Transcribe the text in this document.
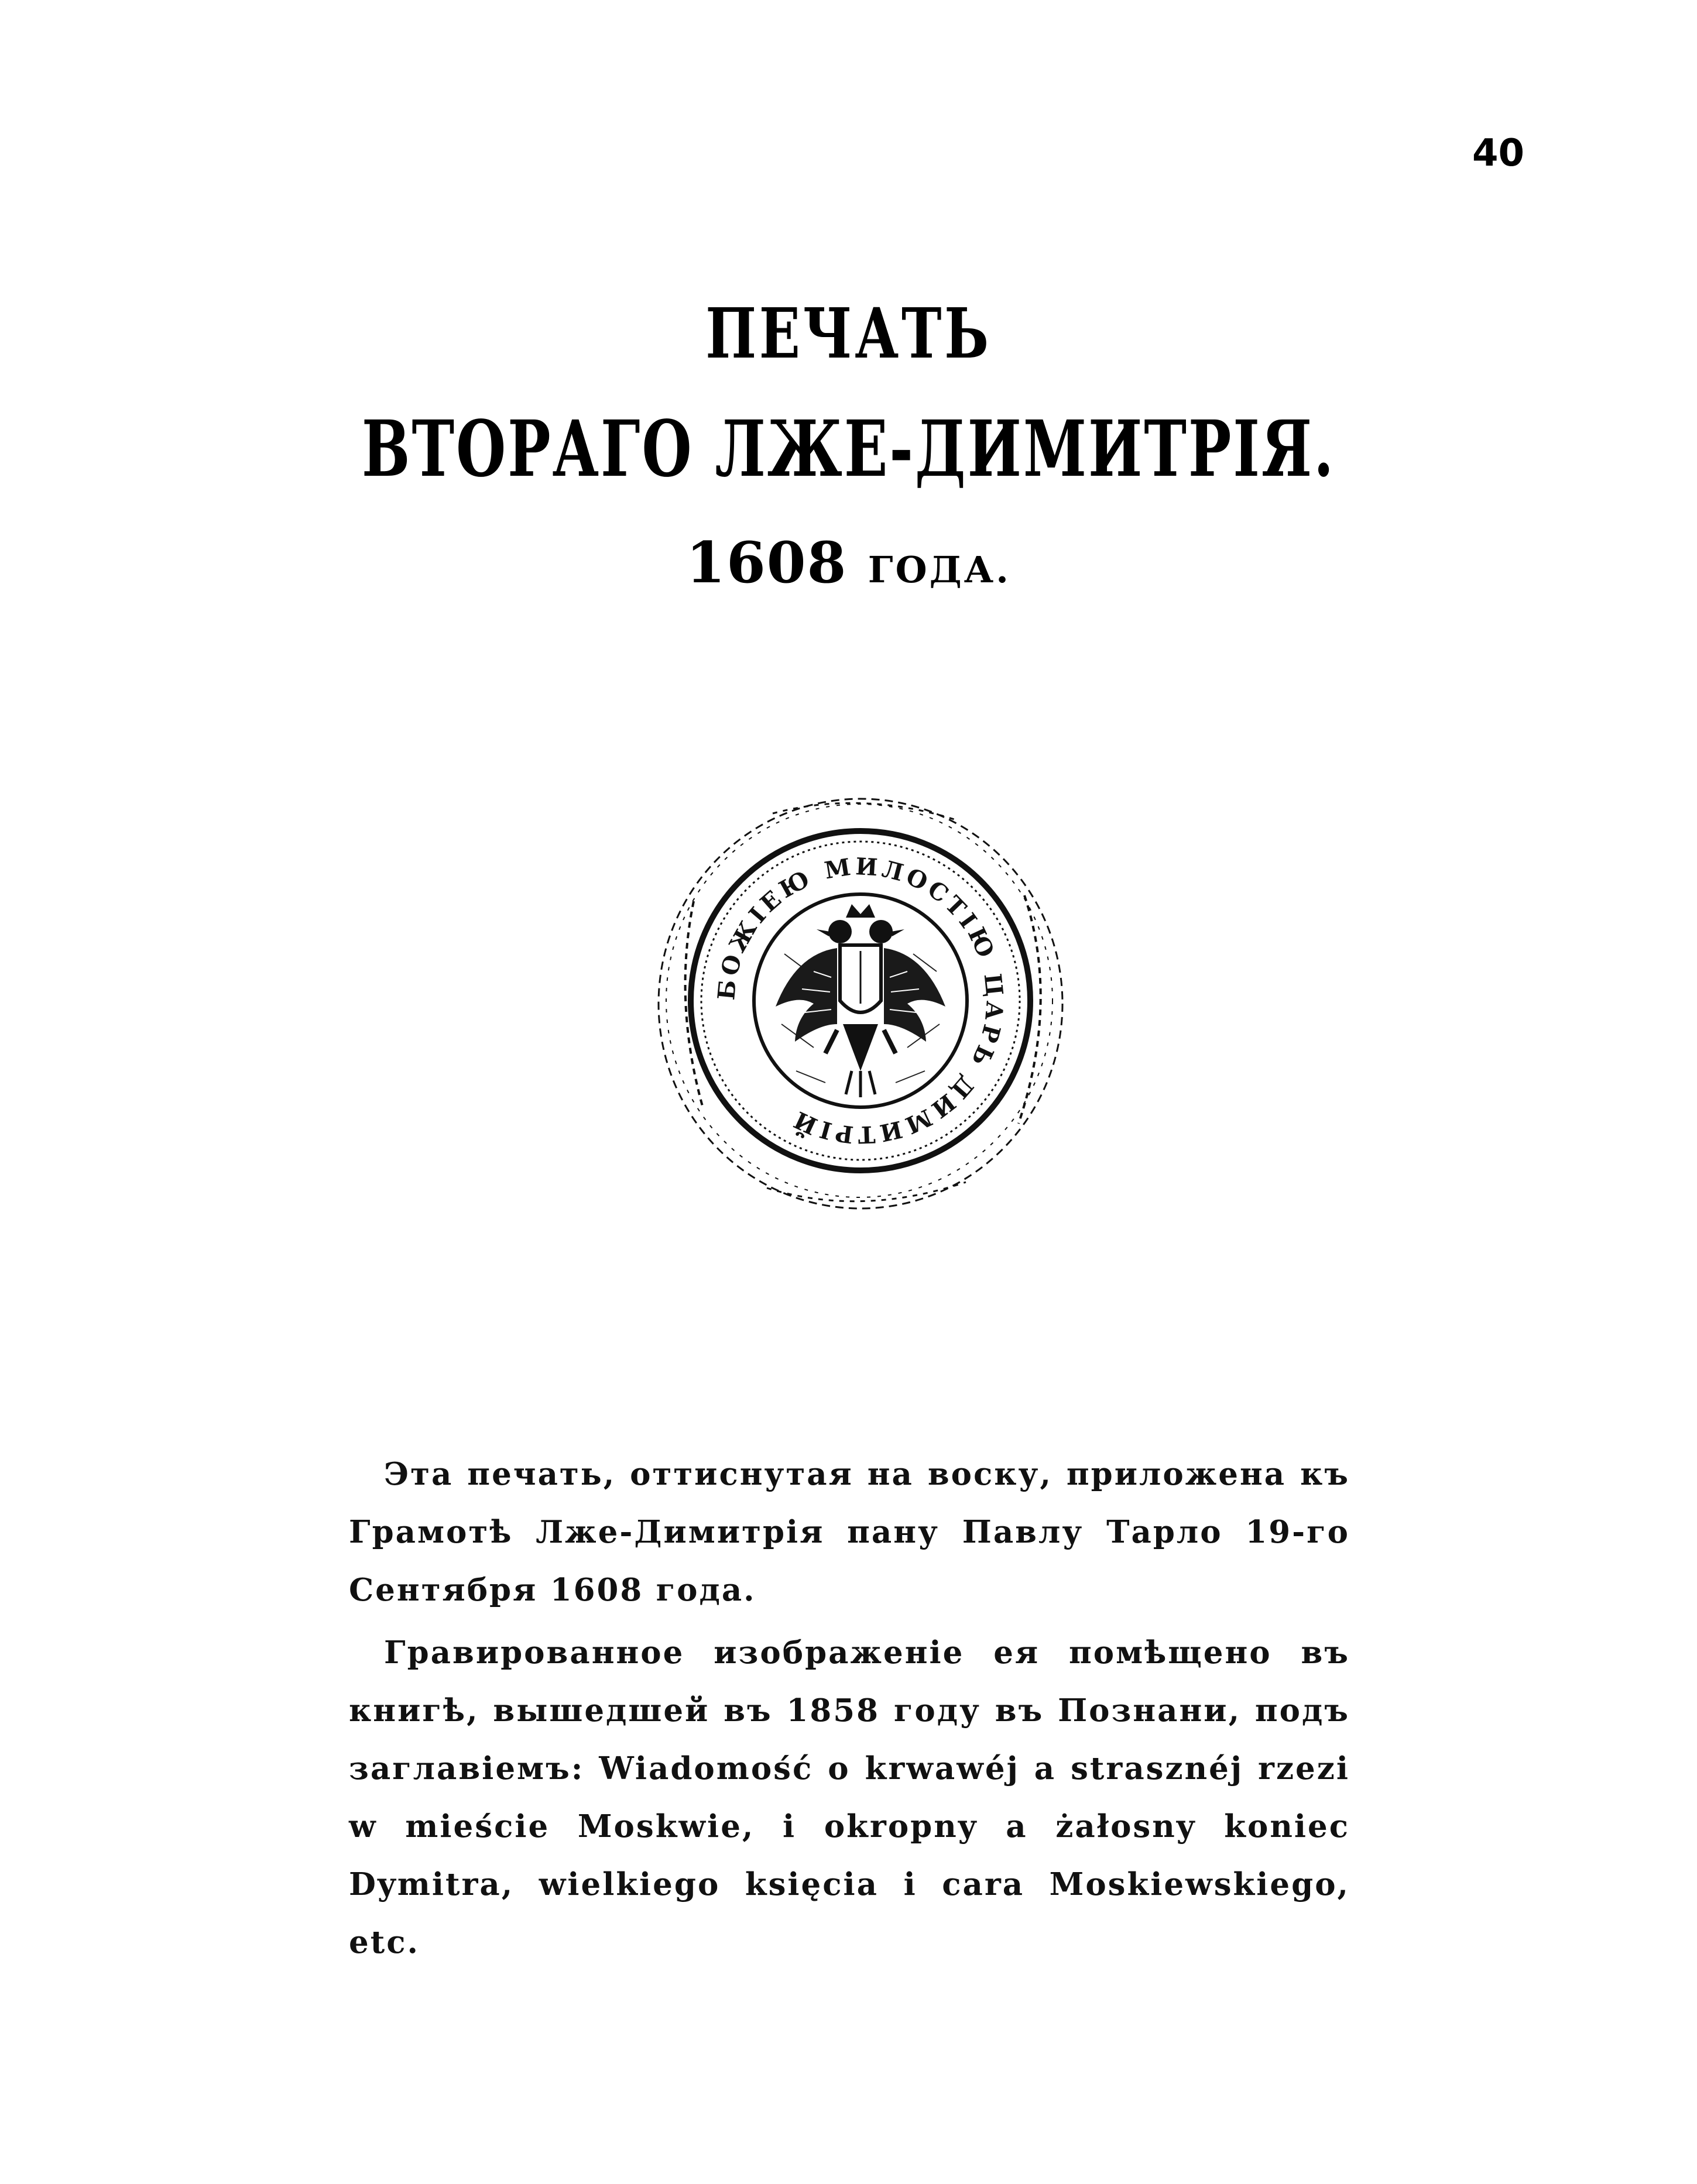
40
ПЕЧАТЬ
ВТОРАГО ЛЖЕ-ДИМИТРІЯ.
1608 ГОДА.
БОЖІЕЮ МИЛОСТІЮ ЦАРЬ ДИМИТРІЙ

Эта печать, оттиснутая на воску, приложена къ Грамотѣ Лже-Димитрія пану Павлу Тарло 19-го Сентября 1608 года.

Гравированное изображеніе ея помѣщено въ книгѣ, вышедшей въ 1858 году въ Познани, подъ заглавіемъ: Wiadomość o krwawéj a strasznéj rzezi w mieście Moskwie, i okropny a żałosny koniec Dymitra, wielkiego księcia i cara Moskiewskiego, etc.
